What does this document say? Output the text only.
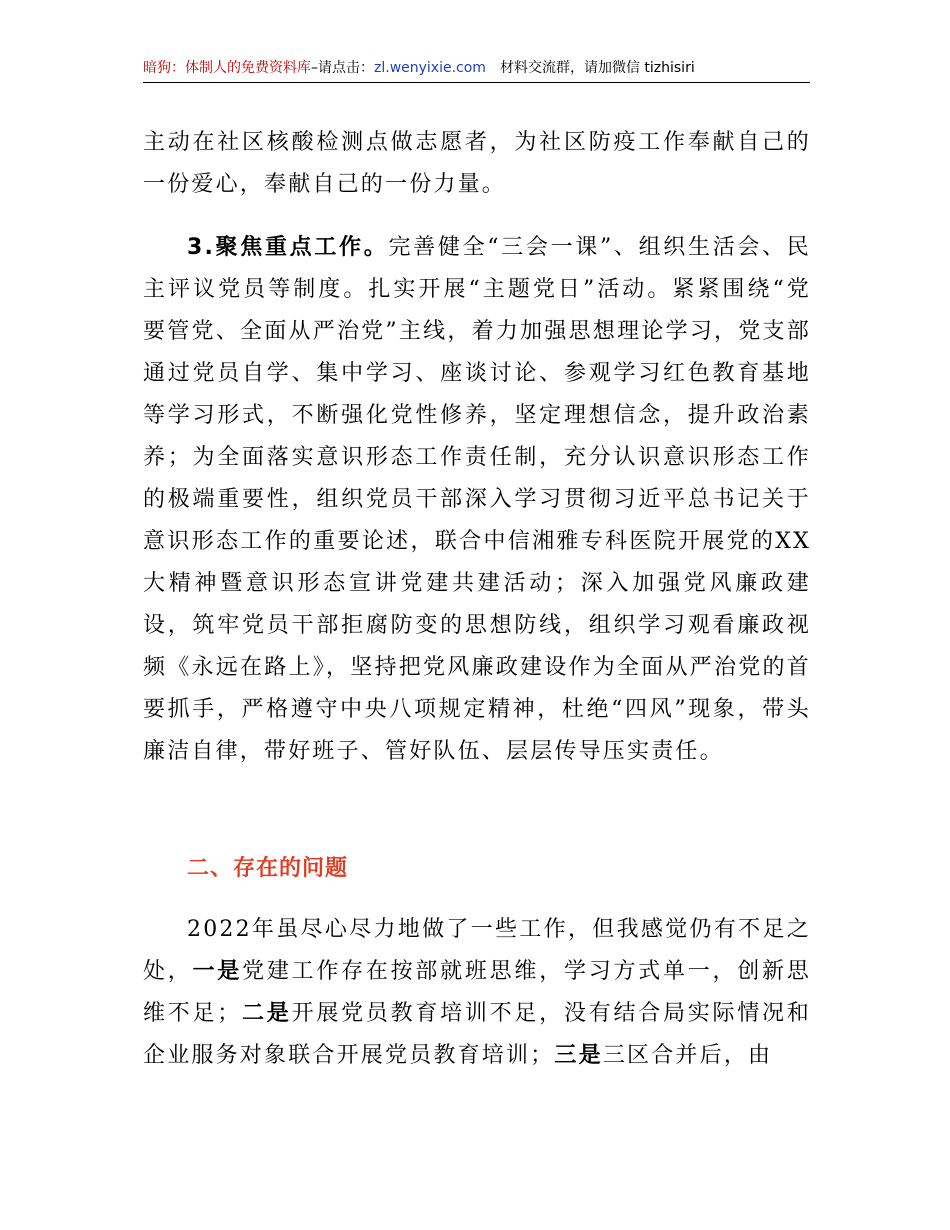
暗狗：体制人的免费资料库–请点击：zl.wenyixie.com 材料交流群，请加微信 tizhisiri

主动在社区核酸检测点做志愿者，为社区防疫工作奉献自己的一份爱心，奉献自己的一份力量。

3.聚焦重点工作。完善健全“三会一课”、组织生活会、民主评议党员等制度。扎实开展“主题党日”活动。紧紧围绕“党要管党、全面从严治党”主线，着力加强思想理论学习，党支部通过党员自学、集中学习、座谈讨论、参观学习红色教育基地等学习形式，不断强化党性修养，坚定理想信念，提升政治素养；为全面落实意识形态工作责任制，充分认识意识形态工作的极端重要性，组织党员干部深入学习贯彻习近平总书记关于意识形态工作的重要论述，联合中信湘雅专科医院开展党的XX大精神暨意识形态宣讲党建共建活动；深入加强党风廉政建设，筑牢党员干部拒腐防变的思想防线，组织学习观看廉政视频《永远在路上》，坚持把党风廉政建设作为全面从严治党的首要抓手，严格遵守中央八项规定精神，杜绝“四风”现象，带头廉洁自律，带好班子、管好队伍、层层传导压实责任。

二、存在的问题

2022年虽尽心尽力地做了一些工作，但我感觉仍有不足之处，一是党建工作存在按部就班思维，学习方式单一，创新思维不足；二是开展党员教育培训不足，没有结合局实际情况和企业服务对象联合开展党员教育培训；三是三区合并后，由
